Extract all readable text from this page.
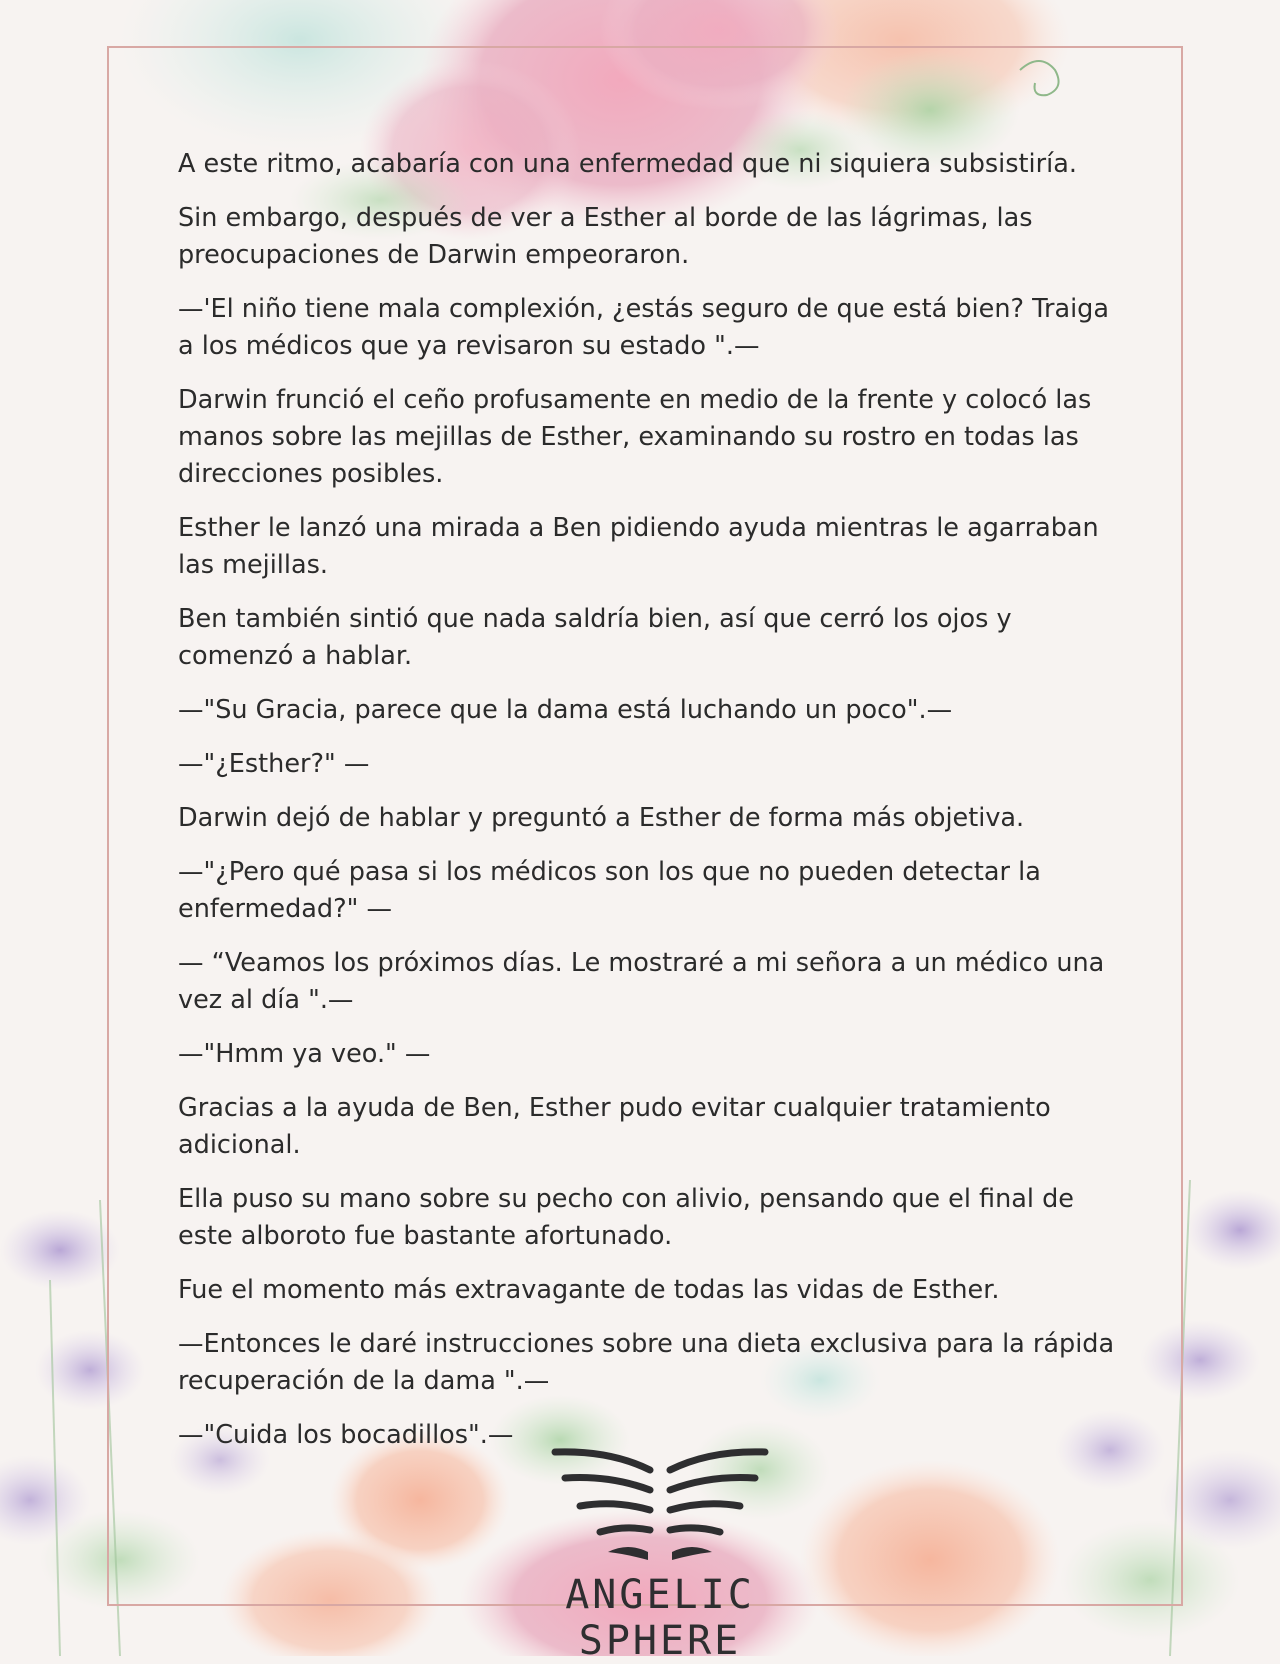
A este ritmo, acabaría con una enfermedad que ni siquiera subsistiría.

Sin embargo, después de ver a Esther al borde de las lágrimas, las preocupaciones de Darwin empeoraron.

—'El niño tiene mala complexión, ¿estás seguro de que está bien? Traiga a los médicos que ya revisaron su estado ".—

Darwin frunció el ceño profusamente en medio de la frente y colocó las manos sobre las mejillas de Esther, examinando su rostro en todas las direcciones posibles.

Esther le lanzó una mirada a Ben pidiendo ayuda mientras le agarraban las mejillas.

Ben también sintió que nada saldría bien, así que cerró los ojos y comenzó a hablar.

—"Su Gracia, parece que la dama está luchando un poco".—

—"¿Esther?" —

Darwin dejó de hablar y preguntó a Esther de forma más objetiva.

—"¿Pero qué pasa si los médicos son los que no pueden detectar la enfermedad?" —

— “Veamos los próximos días. Le mostraré a mi señora a un médico una vez al día ".—

—"Hmm ya veo." —

Gracias a la ayuda de Ben, Esther pudo evitar cualquier tratamiento adicional.

Ella puso su mano sobre su pecho con alivio, pensando que el final de este alboroto fue bastante afortunado.

Fue el momento más extravagante de todas las vidas de Esther.

—Entonces le daré instrucciones sobre una dieta exclusiva para la rápida recuperación de la dama ".—

—"Cuida los bocadillos".—

ANGELIC SPHERE
